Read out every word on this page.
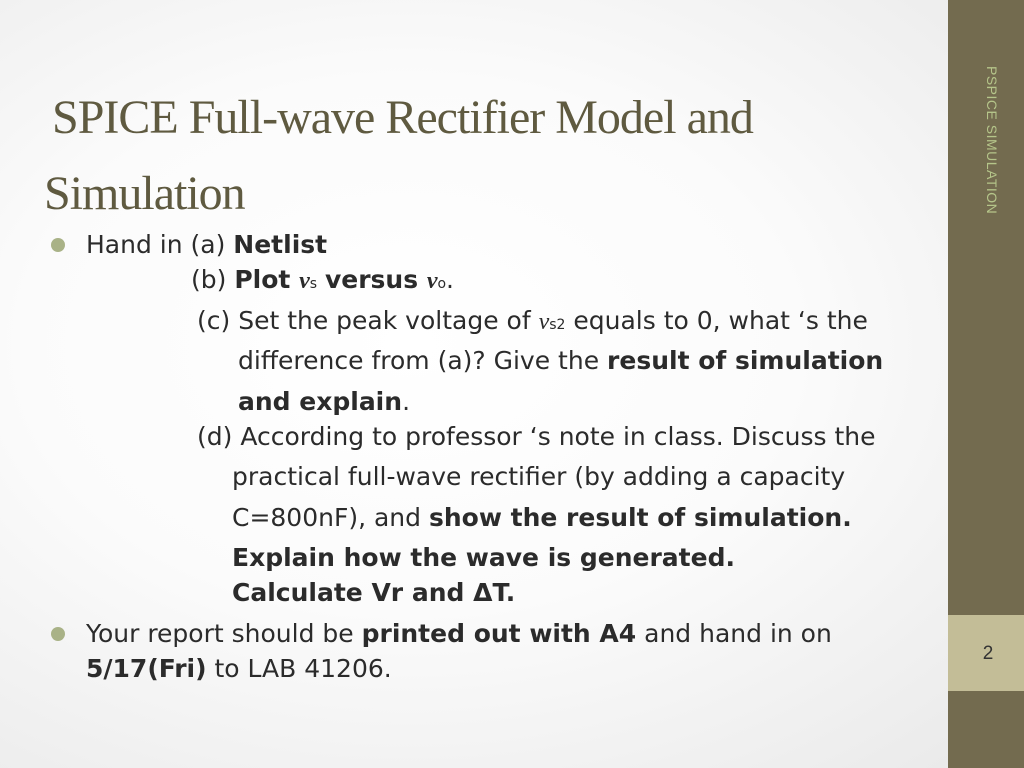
PSPICE SIMULATION
2
SPICE Full-wave Rectifier Model and
Simulation
Hand in (a) Netlist
(b) Plot vs versus vo.
(c) Set the peak voltage of vs2 equals to 0, what ‘s the
difference from (a)? Give the result of simulation
and explain.
(d) According to professor ‘s note in class. Discuss the
practical full-wave rectifier (by adding a capacity
C=800nF), and show the result of simulation.
Explain how the wave is generated.
Calculate Vr and ΔT.
Your report should be printed out with A4 and hand in on
5/17(Fri) to LAB 41206.
